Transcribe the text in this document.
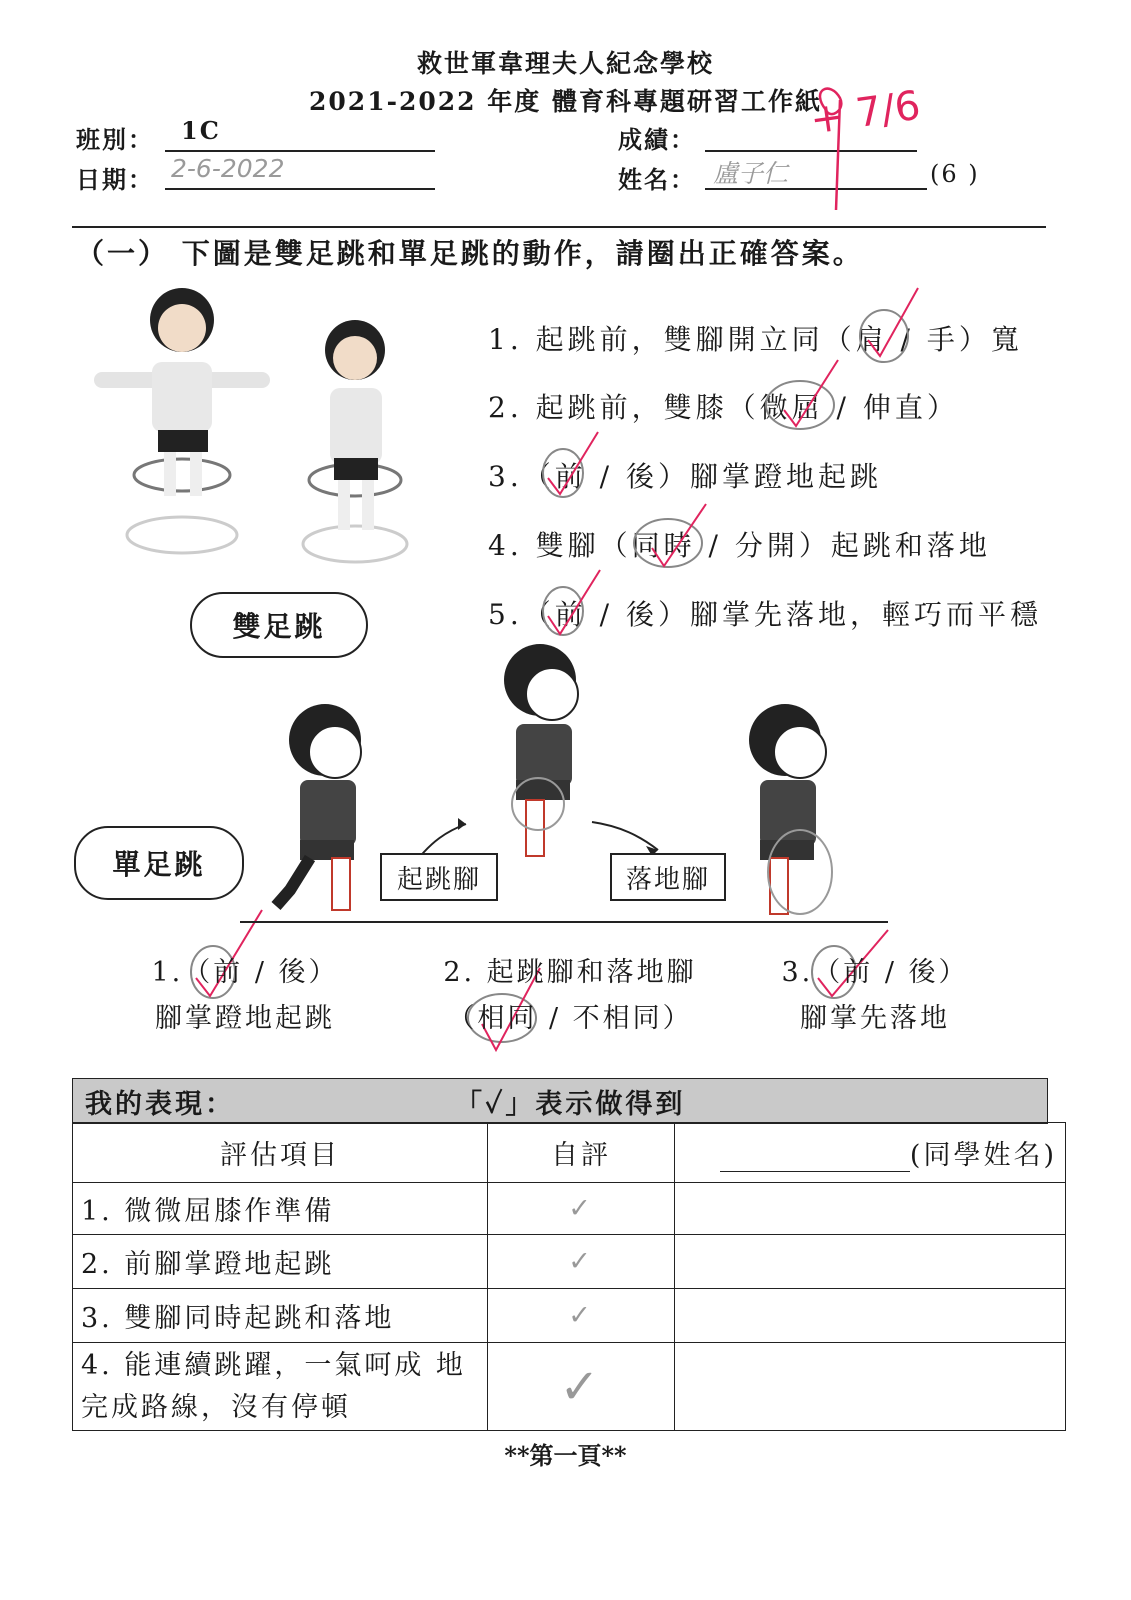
救世軍韋理夫人紀念學校
2021-2022 年度 體育科專題研習工作紙
班別：	1C
日期： 2-6-2022
成績：	+ 7/6
姓名： 盧子仁	(6 )
（一） 下圖是雙足跳和單足跳的動作，請圈出正確答案。
雙足跳
1. 起跳前，雙腳開立同（肩 / 手）寬
2. 起跳前，雙膝（微屈 / 伸直）
3.（前 / 後）腳掌蹬地起跳
4. 雙腳（同時 / 分開）起跳和落地
5.（前 / 後）腳掌先落地，輕巧而平穩
單足跳	起跳腳	落地腳
1.（前 / 後）
腳掌蹬地起跳
2. 起跳腳和落地腳
（相同 / 不相同）
3.（前 / 後）
腳掌先落地
我的表現：	「✓」表示做得到
評估項目	自評	(同學姓名)
1. 微微屈膝作準備	✓	
2. 前腳掌蹬地起跳	✓	
3. 雙腳同時起跳和落地	✓	
4. 能連續跳躍，一氣呵成 地完成路線，沒有停頓	✓	
**第一頁**
